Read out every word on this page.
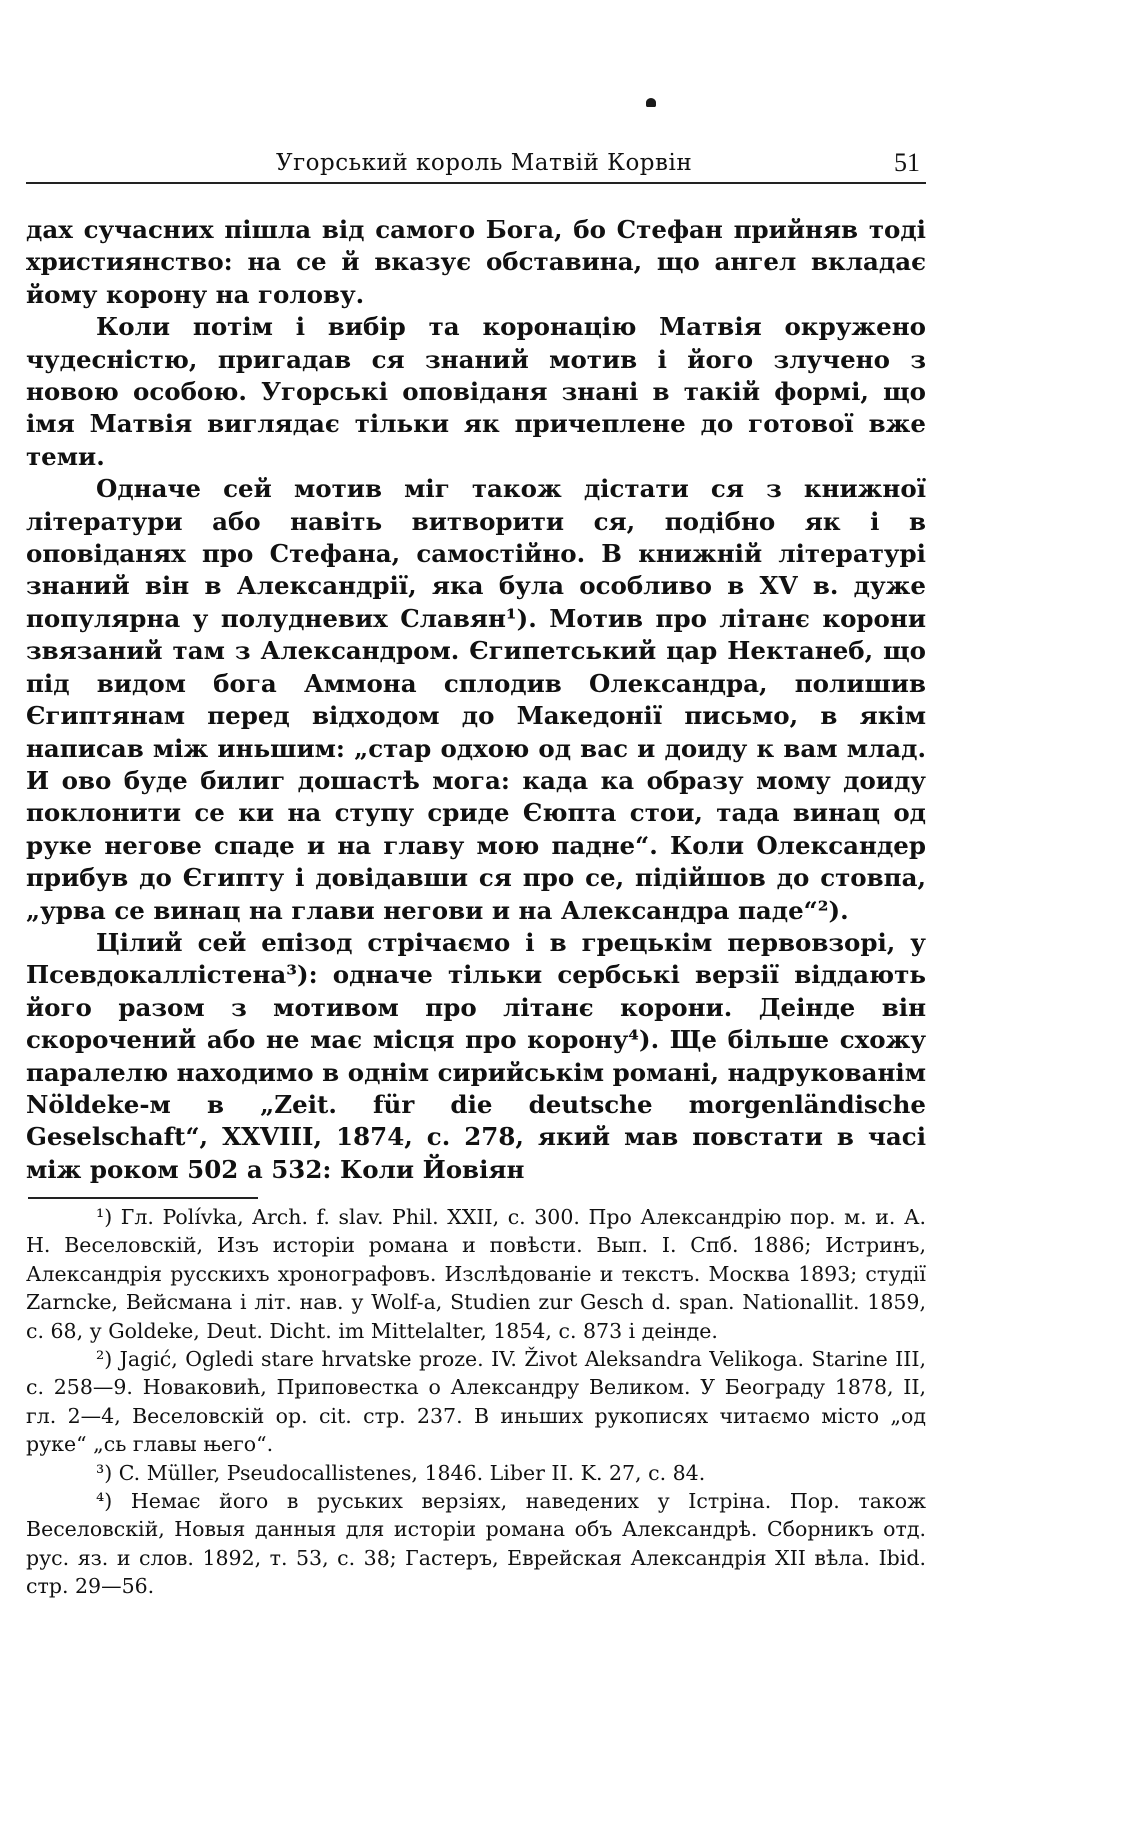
Угорський король Матвій Корвін	51

дах сучасних пішла від самого Бога, бо Стефан прийняв тоді християнство: на се й вказує обставина, що ангел вкладає йому корону на голову.

Коли потім і вибір та коронацію Матвія окружено чудесністю, пригадав ся знаний мотив і його злучено з новою особою. Угорські оповіданя знані в такій формі, що імя Матвія виглядає тільки як причеплене до готової вже теми.

Одначе сей мотив міг також дістати ся з книжної літератури або навіть витворити ся, подібно як і в оповіданях про Стефана, самостійно. В книжній літературі знаний він в Александрії, яка була особливо в XV в. дуже популярна у полудневих Славян¹). Мотив про літанє корони звязаний там з Александром. Єгипетський цар Нектанеб, що під видом бога Аммона сплодив Олександра, полишив Єгиптянам перед відходом до Македонії письмо, в якім написав між иньшим: „стар одхою од вас и доиду к вам млад. И ово буде билиг дошастѣ мога: када ка образу мому доиду поклонити се ки на ступу сриде Єюпта стои, тада винац од руке негове спаде и на главу мою падне“. Коли Олександер прибув до Єгипту і довідавши ся про се, підійшов до стовпа, „урва се винац на глави негови и на Александра паде“²).

Цілий сей епізод стрічаємо і в грецькім первовзорі, у Псевдокаллістена³): одначе тільки сербські верзії віддають його разом з мотивом про літанє корони. Деінде він скорочений або не має місця про корону⁴). Ще більше схожу паралелю находимо в однім сирийськім романі, надрукованім Nöldeke-м в „Zeit. für die deutsche morgenländische Geselschaft“, XXVIII, 1874, с. 278, який мав повстати в часі між роком 502 а 532: Коли Йовіян

¹) Гл. Polívka, Arch. f. slav. Phil. XXII, c. 300. Про Александрію пор. м. и. А. Н. Веселовскій, Изъ исторіи романа и повѣсти. Вып. I. Спб. 1886; Истринъ, Александрія русскихъ хронографовъ. Изслѣдованіе и текстъ. Москва 1893; студії Zarncke, Вейсмана і літ. нав. у Wolf-a, Studien zur Gesch d. span. Nationallit. 1859, c. 68, у Goldeke, Deut. Dicht. im Mittelalter, 1854, c. 873 і деінде.

²) Jagić, Ogledi stare hrvatske proze. IV. Život Aleksandra Velikoga. Starine III, c. 258—9. Новаковић, Приповестка о Александру Великом. У Београду 1878, II, гл. 2—4, Веселовскій op. cit. стр. 237. В иньших рукописях читаємо місто „од руке“ „сь главы њего“.

³) C. Müller, Pseudocallistenes, 1846. Liber II. K. 27, c. 84.

⁴) Немає його в руських верзіях, наведених у Істріна. Пор. також Веселовскій, Новыя данныя для исторіи романа объ Александрѣ. Сборникъ отд. рус. яз. и слов. 1892, т. 53, c. 38; Гастеръ, Еврейская Александрія XII вѣла. Ibid. стр. 29—56.
